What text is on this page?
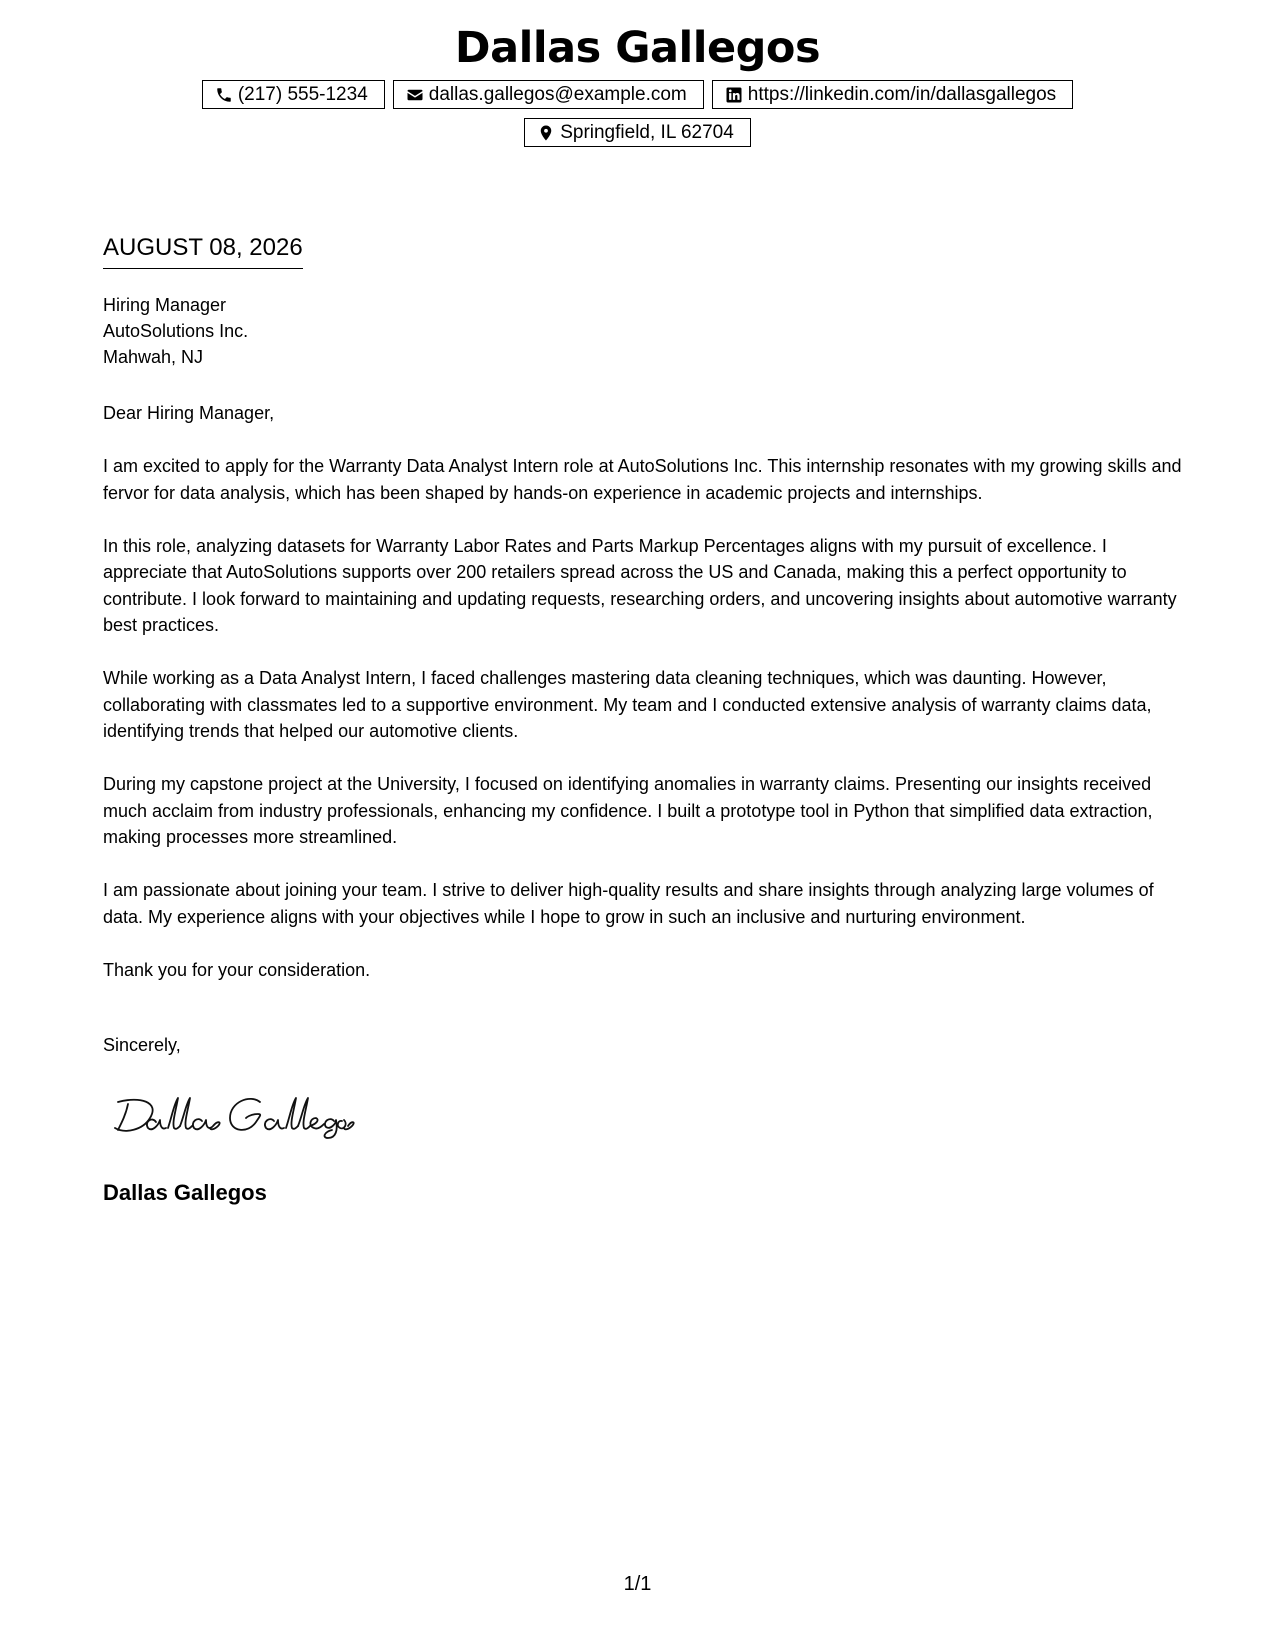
Dallas Gallegos
(217) 555-1234	dallas.gallegos@example.com	https://linkedin.com/in/dallasgallegos
Springfield, IL 62704
AUGUST 08, 2026
Hiring Manager
AutoSolutions Inc.
Mahwah, NJ

Dear Hiring Manager,

I am excited to apply for the Warranty Data Analyst Intern role at AutoSolutions Inc. This internship resonates with my growing skills and fervor for data analysis, which has been shaped by hands-on experience in academic projects and internships.

In this role, analyzing datasets for Warranty Labor Rates and Parts Markup Percentages aligns with my pursuit of excellence. I appreciate that AutoSolutions supports over 200 retailers spread across the US and Canada, making this a perfect opportunity to contribute. I look forward to maintaining and updating requests, researching orders, and uncovering insights about automotive warranty best practices.

While working as a Data Analyst Intern, I faced challenges mastering data cleaning techniques, which was daunting. However, collaborating with classmates led to a supportive environment. My team and I conducted extensive analysis of warranty claims data, identifying trends that helped our automotive clients.

During my capstone project at the University, I focused on identifying anomalies in warranty claims. Presenting our insights received much acclaim from industry professionals, enhancing my confidence. I built a prototype tool in Python that simplified data extraction, making processes more streamlined.

I am passionate about joining your team. I strive to deliver high-quality results and share insights through analyzing large volumes of data. My experience aligns with your objectives while I hope to grow in such an inclusive and nurturing environment.

Thank you for your consideration.

Sincerely,
Dallas Gallegos
1/1
